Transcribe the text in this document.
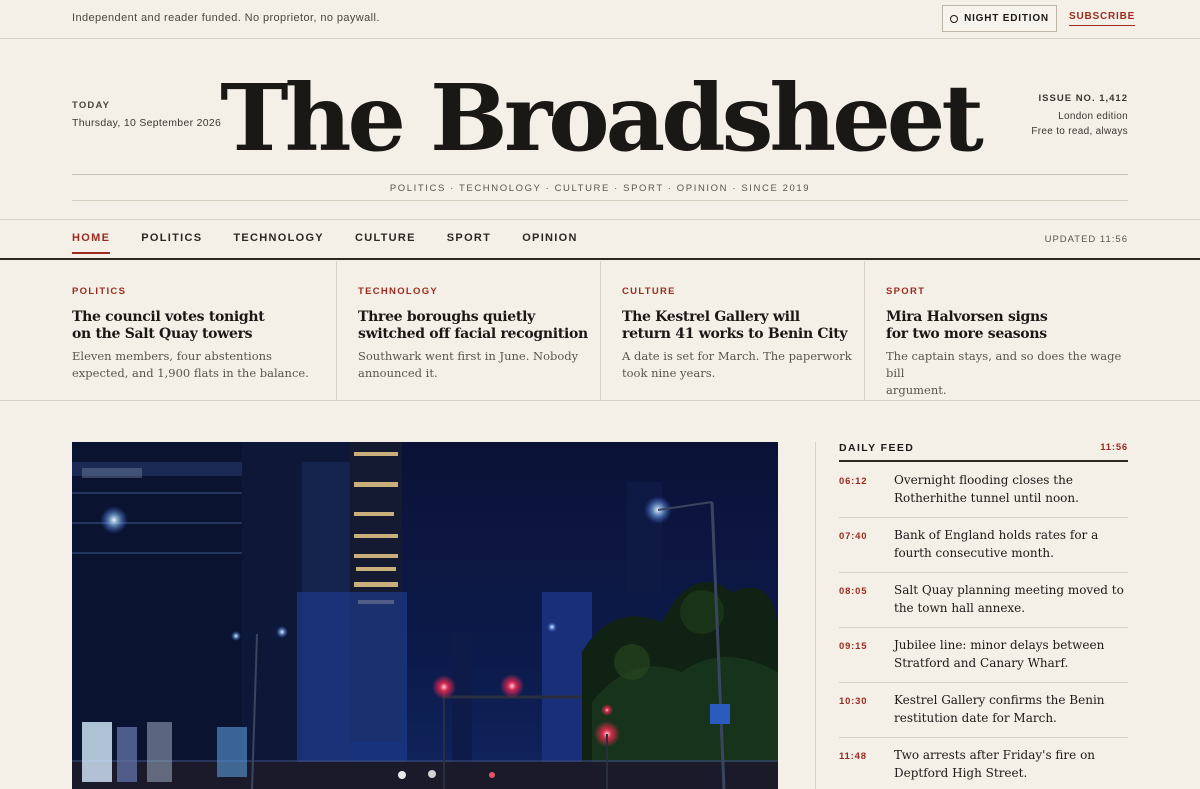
Independent and reader funded. No proprietor, no paywall.	NIGHT EDITION SUBSCRIBE
TODAY
Thursday, 10 September 2026
The Broadsheet	ISSUE NO. 1,412
London edition
Free to read, always
POLITICS · TECHNOLOGY · CULTURE · SPORT · OPINION · SINCE 2019
HOME	POLITICS	TECHNOLOGY	CULTURE	SPORT	OPINION	UPDATED 11:56
POLITICS
The council votes tonight
on the Salt Quay towers
Eleven members, four abstentions
expected, and 1,900 flats in the balance.
TECHNOLOGY
Three boroughs quietly
switched off facial recognition
Southwark went first in June. Nobody
announced it.
CULTURE
The Kestrel Gallery will
return 41 works to Benin City
A date is set for March. The paperwork
took nine years.
SPORT
Mira Halvorsen signs
for two more seasons
The captain stays, and so does the wage bill
argument.
DAILY FEED	11:56
06:12 Overnight flooding closes the
Rotherhithe tunnel until noon.
07:40 Bank of England holds rates for a
fourth consecutive month.
08:05 Salt Quay planning meeting moved to
the town hall annexe.
09:15 Jubilee line: minor delays between
Stratford and Canary Wharf.
10:30 Kestrel Gallery confirms the Benin
restitution date for March.
11:48 Two arrests after Friday's fire on
Deptford High Street.
